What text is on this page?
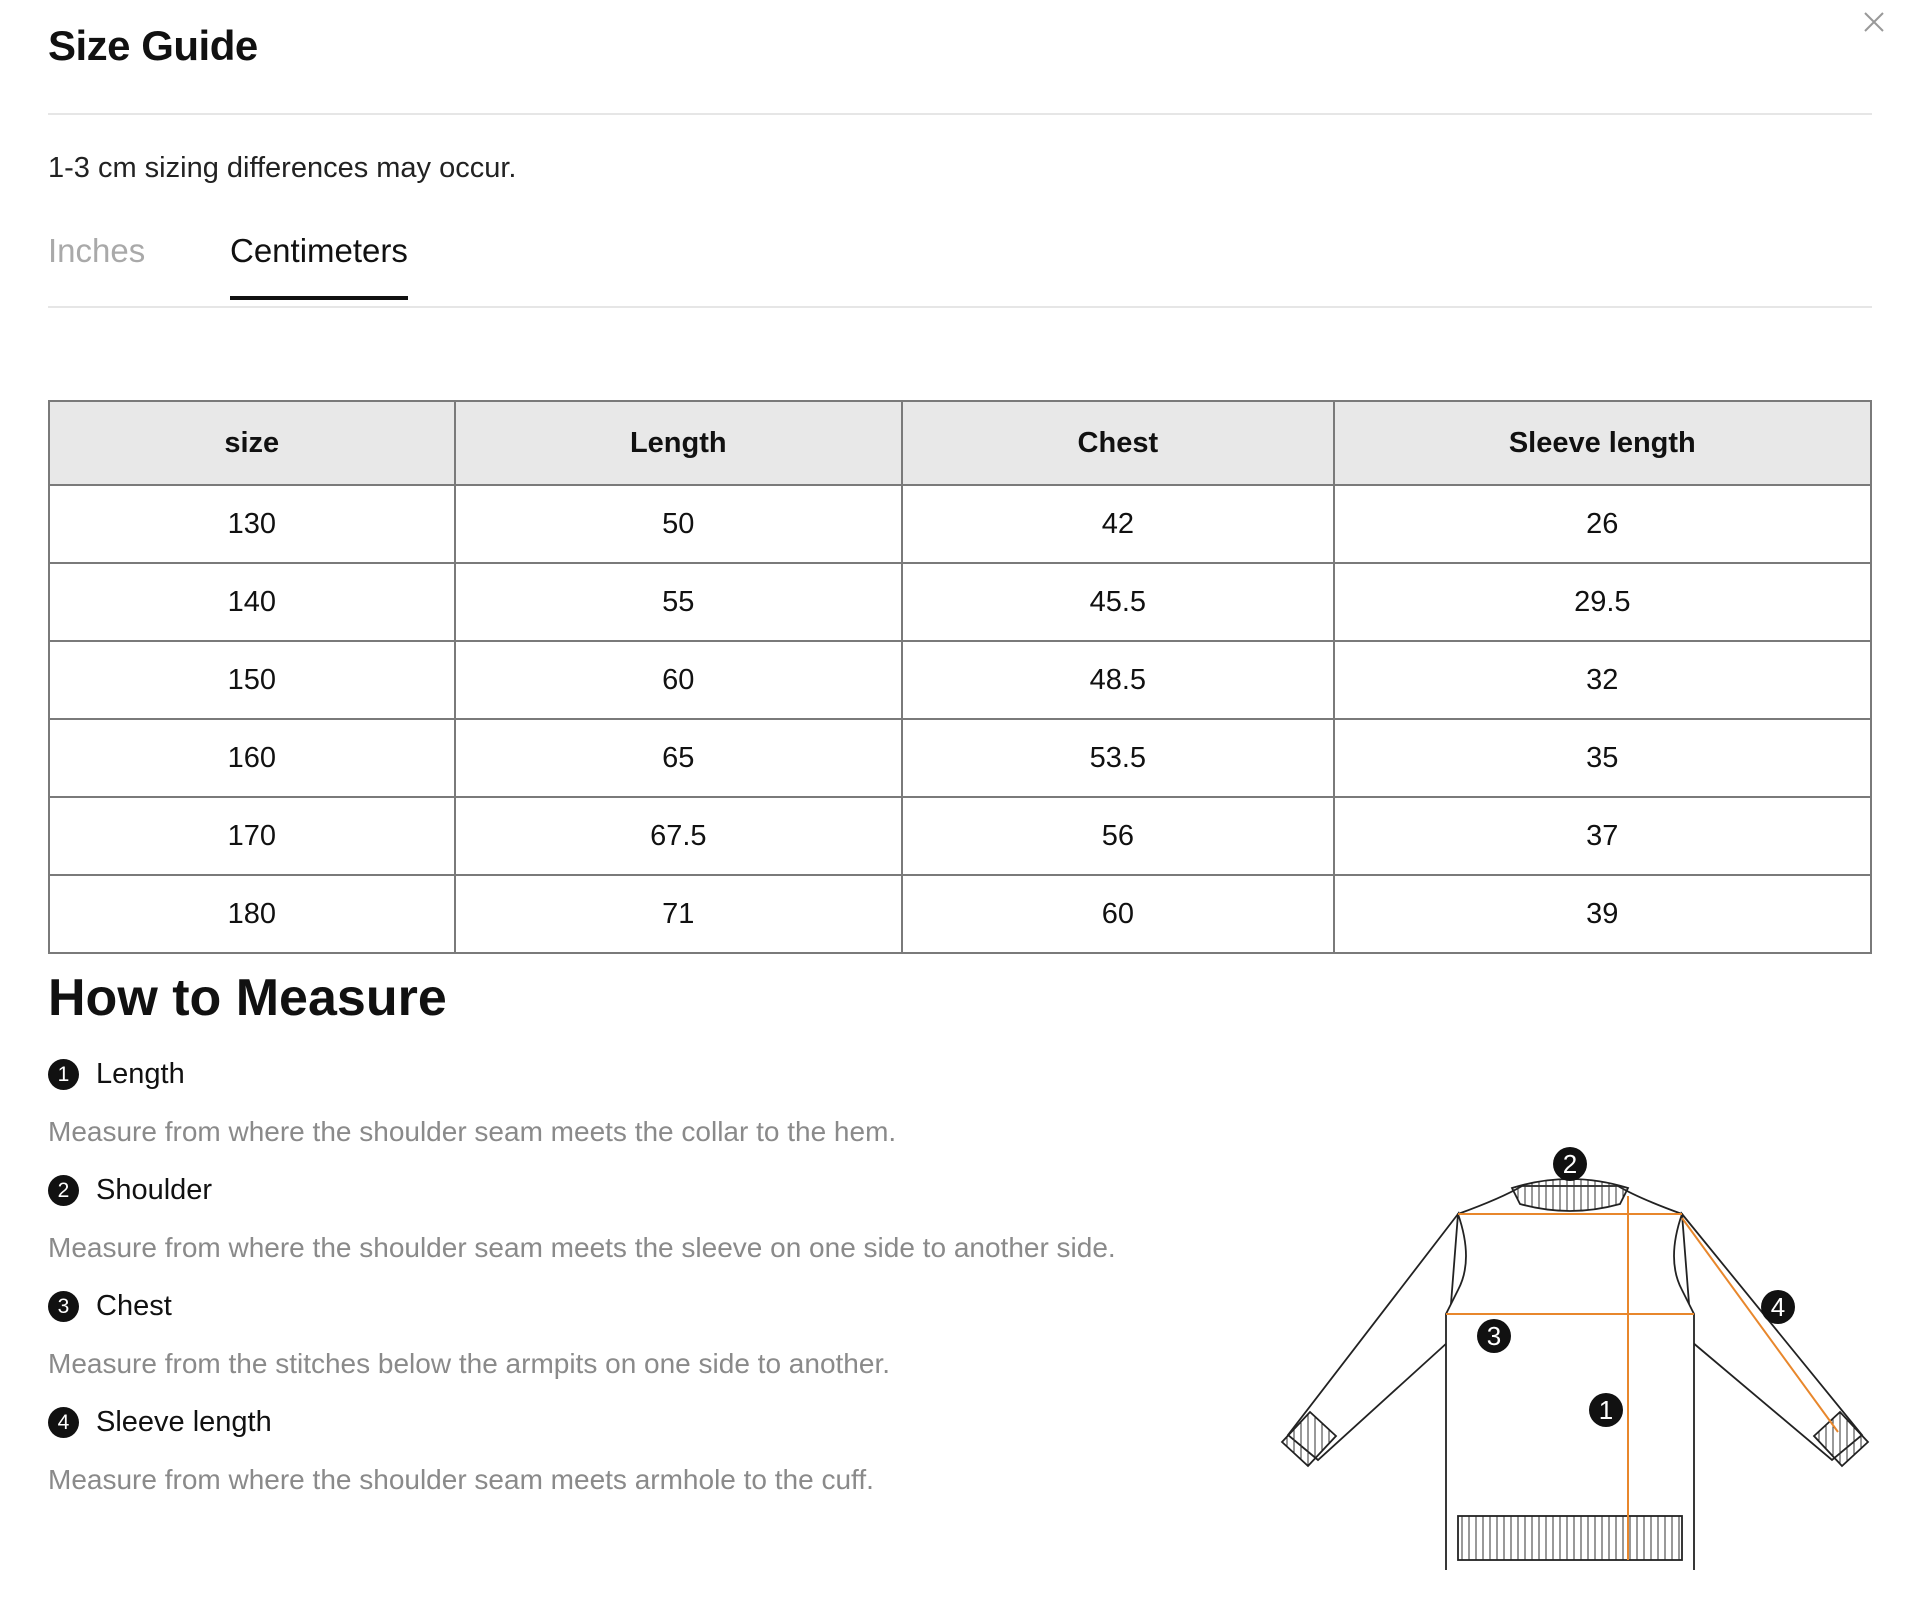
Size Guide
1-3 cm sizing differences may occur.
Inches	Centimeters
size	Length	Chest	Sleeve length
130	50	42	26
140	55	45.5	29.5
150	60	48.5	32
160	65	53.5	35
170	67.5	56	37
180	71	60	39
How to Measure
1 Length
Measure from where the shoulder seam meets the collar to the hem.
2 Shoulder
Measure from where the shoulder seam meets the sleeve on one side to another side.
3 Chest
Measure from the stitches below the armpits on one side to another.
4 Sleeve length
Measure from where the shoulder seam meets armhole to the cuff.
2
3
1
4
